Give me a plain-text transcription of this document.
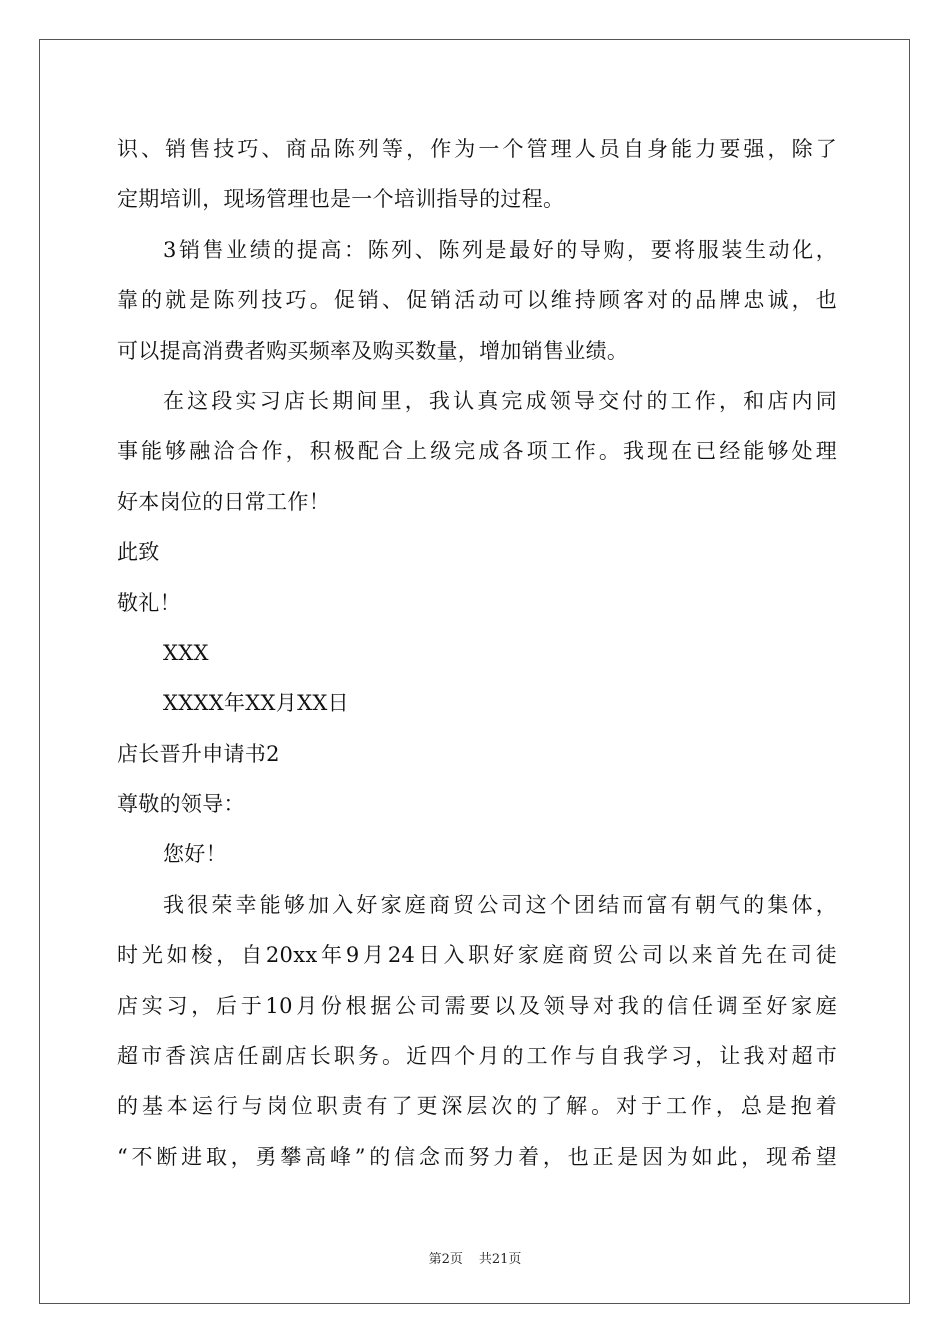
识、销售技巧、商品陈列等，作为一个管理人员自身能力要强，除了
定期培训，现场管理也是一个培训指导的过程。
3销售业绩的提高：陈列、陈列是最好的导购，要将服装生动化，
靠的就是陈列技巧。促销、促销活动可以维持顾客对的品牌忠诚，也
可以提高消费者购买频率及购买数量，增加销售业绩。
在这段实习店长期间里，我认真完成领导交付的工作，和店内同
事能够融洽合作，积极配合上级完成各项工作。我现在已经能够处理
好本岗位的日常工作！
此致
敬礼！
XXX
XXXX年XX月XX日
店长晋升申请书2
尊敬的领导：
您好！
我很荣幸能够加入好家庭商贸公司这个团结而富有朝气的集体，
时光如梭，自20xx年9月24日入职好家庭商贸公司以来首先在司徒
店实习，后于10月份根据公司需要以及领导对我的信任调至好家庭
超市香滨店任副店长职务。近四个月的工作与自我学习，让我对超市
的基本运行与岗位职责有了更深层次的了解。对于工作，总是抱着
“不断进取，勇攀高峰”的信念而努力着，也正是因为如此，现希望
第2页 共21页
